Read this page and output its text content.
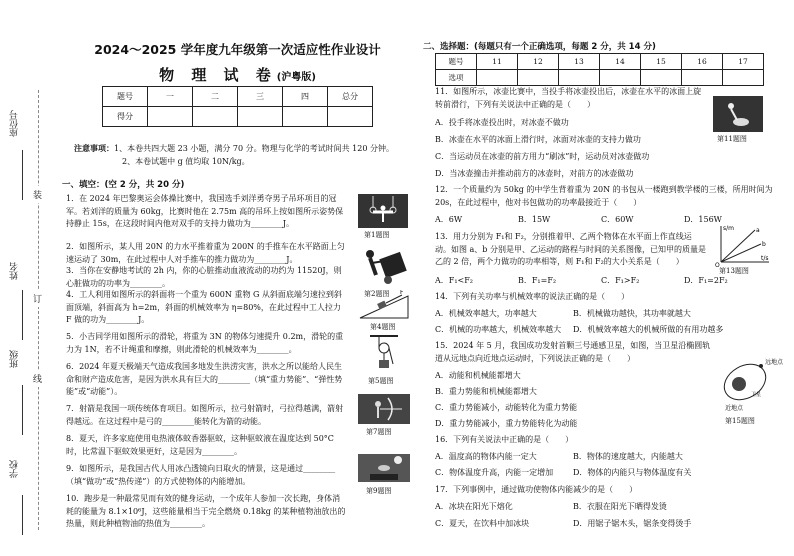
座位号
姓名
班级
学校
装
订
线
2024～2025 学年度九年级第一次适应性作业设计
物 理 试 卷(沪粤版)
题号	一	二	三	四	总分
得分					
注意事项：1、本卷共四大题 23 小题，满分 70 分。物理与化学的考试时间共 120 分钟。
2、本卷试题中 g 值均取 10N/kg。
一、填空：(空 2 分，共 20 分)
1．在 2024 年巴黎奥运会体操比赛中，我国选手刘洋勇夺男子吊环项目的冠军。若刘洋的质量为 60kg，比赛时他在 2.75m 高的吊环上按如图所示姿势保持静止 15s，在这段时间内他对双手的支持力做功为________J。
2．如图所示，某人用 20N 的力水平推着重为 200N 的手推车在水平路面上匀速运动了 30m，在此过程中人对手推车的推力做功为________J。
3．当你在安静地考试的 2h 内，你的心脏推动血液流动的功约为 11520J，则心脏做功的功率为________。
4．工人利用如图所示的斜面将一个重为 600N 重物 G 从斜面底端匀速拉到斜面顶端，斜面高为 h=2m，斜面的机械效率为 η=80%，在此过程中工人拉力 F 做的功为________J。
5．小吉同学用如图所示的滑轮，将重为 3N 的物体匀速提升 0.2m，滑轮的重力为 1N，若不计绳重和摩擦，则此滑轮的机械效率为________。
6．2024 年夏天极端天气造成我国多地发生洪涝灾害，洪水之所以能给人民生命和财产造成危害，是因为洪水具有巨大的________（填“重力势能”、“弹性势能”或“动能”）。
7．射箭是我国一项传统体育项目。如图所示，拉弓射箭时，弓拉得越满，箭射得越远。在这过程中是弓的________能转化为箭的动能。
8．夏天，许多家庭使用电热液体蚊香器驱蚊，这种驱蚊液在温度达到 50°C 时，比常温下驱蚊效果更好，这是因为________。
9．如图所示，是我国古代人用冰凸透镜向日取火的情景，这是通过________（填“做功”或“热传递”）的方式使物体的内能增加。
10．跑步是一种最常见而有效的健身运动，一个成年人参加一次长跑，身体消耗的能量为 8.1×10⁶J，这些能量相当于完全燃烧 0.18kg 的某种植物油放出的热量，则此种植物油的热值为________。
第1题图
第2题图 F
第4题图
第5题图
第7题图
第9题图
二、选择题：(每题只有一个正确选项，每题 2 分，共 14 分)
题号	11	12	13	14	15	16	17
选项							
11．如图所示，冰壶比赛中，当投手将冰壶投出后，冰壶在水平的冰面上旋转前滑行，下列有关说法中正确的是（　　）
A．投手将冰壶投出时，对冰壶不做功
B．冰壶在水平的冰面上滑行时，冰面对冰壶的支持力做功
C．当运动员在冰壶的前方用力“刷冰”时，运动员对冰壶做功
D．当冰壶撞击并推动前方的冰壶时，对前方的冰壶做功
第11题图
12．一个质量约为 50kg 的中学生背着重为 20N 的书包从一楼跑到教学楼的三楼，所用时间为 20s，在此过程中，他对书包做功的功率最接近于（　　）
A．6W	B．15W	C．60W	D．156W
13．用力分别为 F₁和 F₂，分别推着甲、乙两个物体在水平面上作直线运动。如图 a、b 分别是甲、乙运动的路程与时间的关系图像，已知甲的质量是乙的 2 倍，两个力做功的功率相等，则 F₁和 F₂的大小关系是（　　）
A．F₁<F₂	B．F₁=F₂	C．F₁>F₂	D．F₁=2F₂
s/m
t/s
a
b
O
第13题图
14．下列有关功率与机械效率的说法正确的是（　　）
A．机械效率越大，功率越大	B．机械做功越快，其功率就越大
C．机械的功率越大，机械效率越大 D．机械效率越大的机械所做的有用功越多
15．2024 年 5 月，我国成功发射首颗三号通感卫星，如图，当卫星沿椭圆轨道从远地点向近地点运动时，下列说法正确的是（　　）
A．动能和机械能都增大
B．重力势能和机械能都增大
C．重力势能减小，动能转化为重力势能
D．重力势能减小，重力势能转化为动能
远地点
近地点
卫星
第15题图
16．下列有关说法中正确的是（　　）
A．温度高的物体内能一定大	B．物体的速度越大，内能越大
C．物体温度升高，内能一定增加 D．物体的内能只与物体温度有关
17．下列事例中，通过做功使物体内能减少的是（　　）
A．冰块在阳光下熔化	B．衣服在阳光下晒得发烫
C．夏天，在饮料中加冰块	D．用锯子锯木头，锯条变得烫手
